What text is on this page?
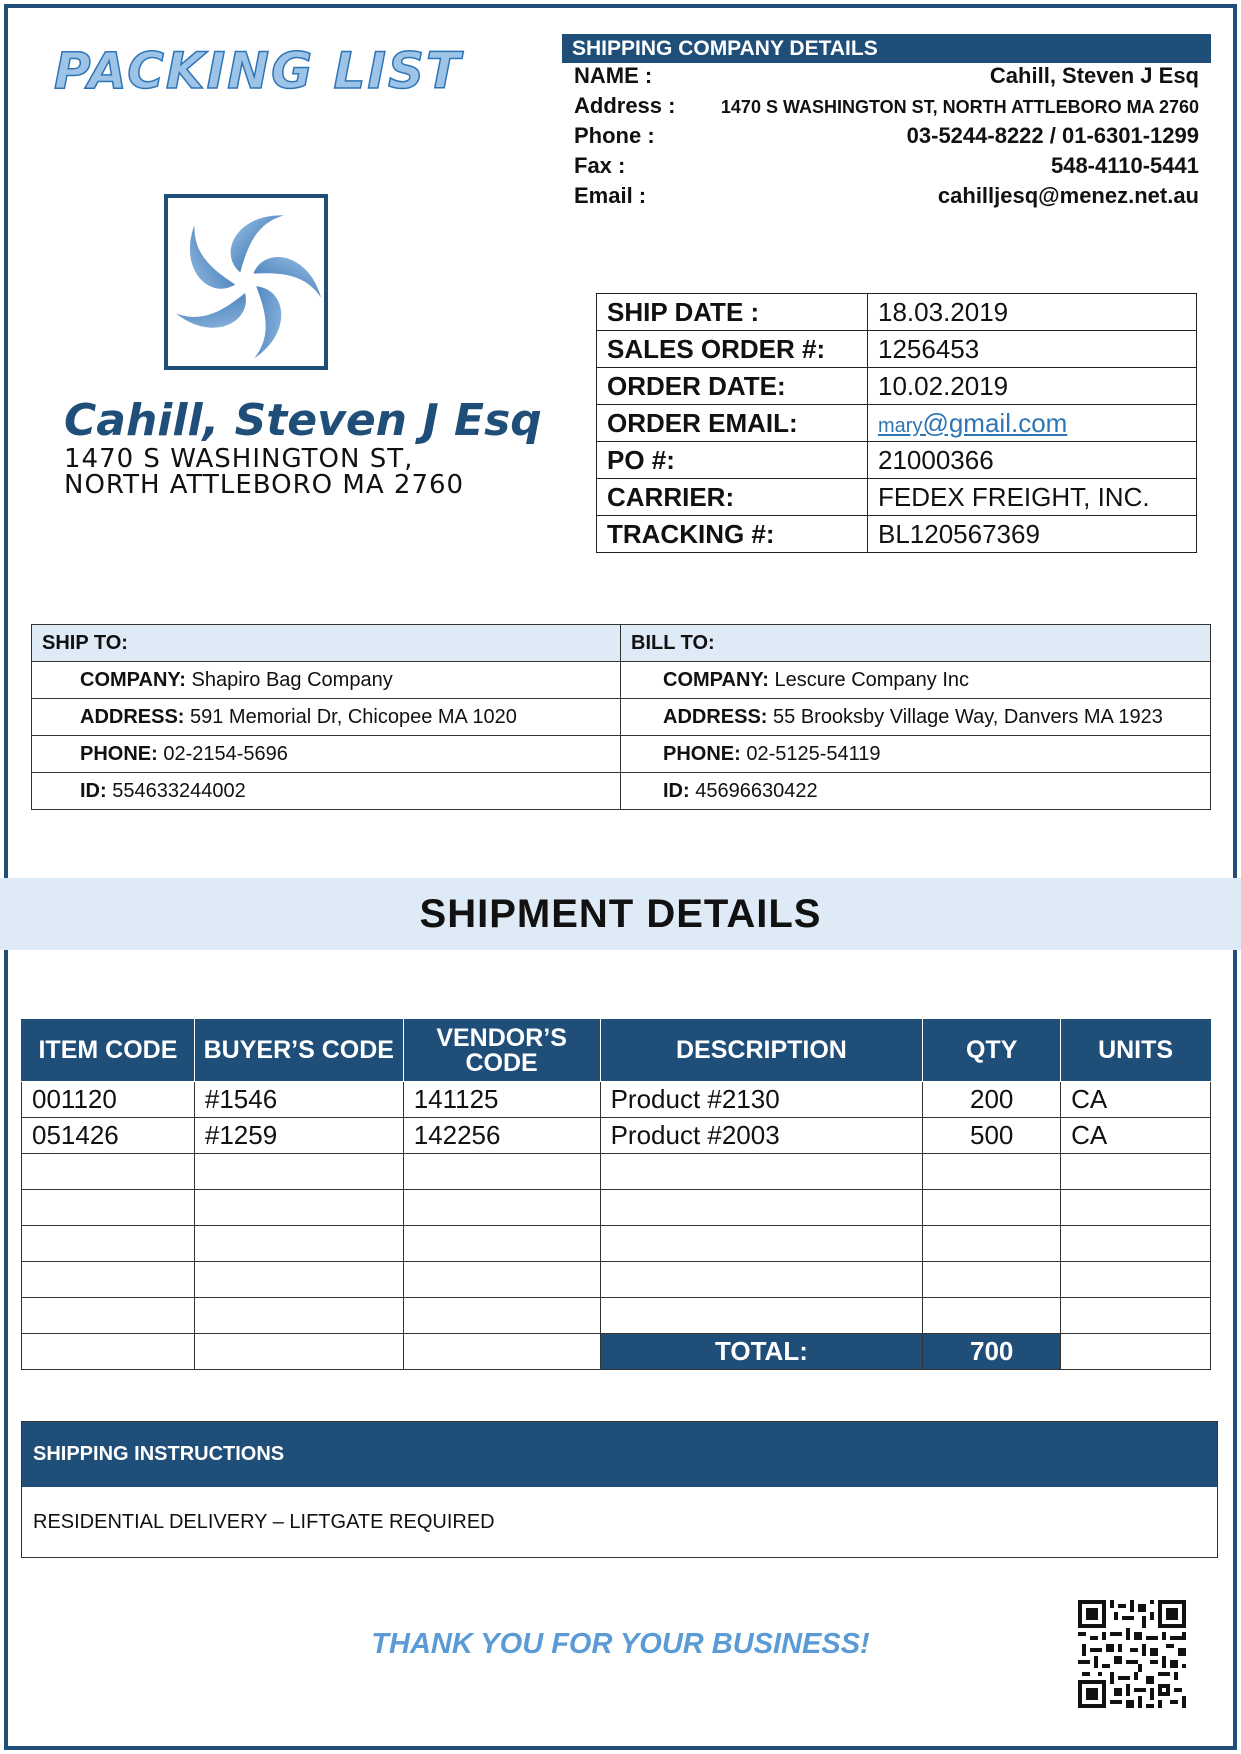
PACKING LIST
Cahill, Steven J Esq
1470 S WASHINGTON ST,
NORTH ATTLEBORO MA 2760
SHIPPING COMPANY DETAILS
NAME :	Cahill, Steven J Esq
Address :	1470 S WASHINGTON ST, NORTH ATTLEBORO MA 2760
Phone :	03-5244-8222 / 01-6301-1299
Fax :	548-4110-5441
Email :	cahilljesq@menez.net.au
SHIP DATE :	18.03.2019
SALES ORDER #:	1256453
ORDER DATE:	10.02.2019
ORDER EMAIL:	mary@gmail.com
PO #:	21000366
CARRIER:	FEDEX FREIGHT, INC.
TRACKING #:	BL120567369
SHIP TO:	BILL TO:
COMPANY: Shapiro Bag Company	COMPANY: Lescure Company Inc
ADDRESS: 591 Memorial Dr, Chicopee MA 1020	ADDRESS: 55 Brooksby Village Way, Danvers MA 1923
PHONE: 02-2154-5696	PHONE: 02-5125-54119
ID: 554633244002	ID: 45696630422
SHIPMENT DETAILS
ITEM CODE	BUYER’S CODE	VENDOR’S
CODE	DESCRIPTION	QTY	UNITS
001120	#1546	141125	Product #2130	200	CA
051426	#1259	142256	Product #2003	500	CA

			TOTAL:	700	
SHIPPING INSTRUCTIONS
RESIDENTIAL DELIVERY – LIFTGATE REQUIRED
THANK YOU FOR YOUR BUSINESS!
